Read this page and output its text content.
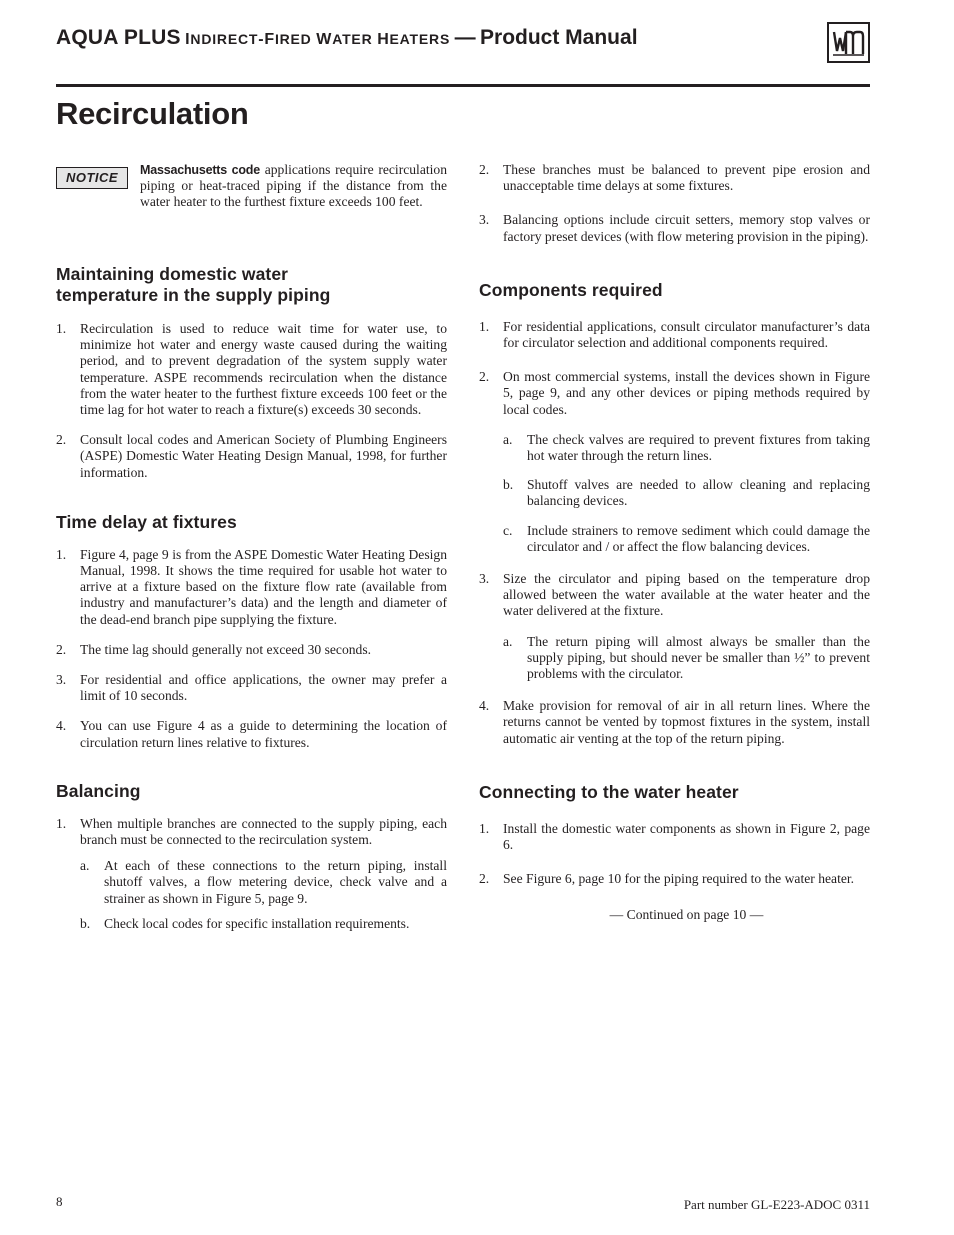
AQUA PLUS INDIRECT-FIRED WATER HEATERS — Product Manual
Recirculation
NOTICE	Massachusetts code applications require recirculation piping or heat-traced piping if the distance from the water heater to the furthest fixture exceeds 100 feet.
Maintaining domestic water
temperature in the supply piping
1.	Recirculation is used to reduce wait time for water use, to minimize hot water and energy waste caused during the waiting period, and to prevent degradation of the system supply water temperature. ASPE recommends recirculation when the distance from the water heater to the furthest fixture exceeds 100 feet or the time lag for hot water to reach a fixture(s) exceeds 30 seconds.
2.	Consult local codes and American Society of Plumbing Engineers (ASPE) Domestic Water Heating Design Manual, 1998, for further information.
Time delay at fixtures
1.	Figure 4, page 9 is from the ASPE Domestic Water Heating Design Manual, 1998. It shows the time required for usable hot water to arrive at a fixture based on the fixture flow rate (available from industry and manufacturer’s data) and the length and diameter of the dead-end branch pipe supplying the fixture.
2.	The time lag should generally not exceed 30 seconds.
3.	For residential and office applications, the owner may prefer a limit of 10 seconds.
4.	You can use Figure 4 as a guide to determining the location of circulation return lines relative to fixtures.
Balancing
1.	When multiple branches are connected to the supply piping, each branch must be connected to the recirculation system.
a.	At each of these connections to the return piping, install shutoff valves, a flow metering device, check valve and a strainer as shown in Figure 5, page 9.
b.	Check local codes for specific installation requirements.
2.	These branches must be balanced to prevent pipe erosion and unacceptable time delays at some fixtures.
3.	Balancing options include circuit setters, memory stop valves or factory preset devices (with flow metering provision in the piping).
Components required
1.	For residential applications, consult circulator manufacturer’s data for circulator selection and additional components required.
2.	On most commercial systems, install the devices shown in Figure 5, page 9, and any other devices or piping methods required by local codes.
a.	The check valves are required to prevent fixtures from taking hot water through the return lines.
b.	Shutoff valves are needed to allow cleaning and replacing balancing devices.
c.	Include strainers to remove sediment which could damage the circulator and / or affect the flow balancing devices.
3.	Size the circulator and piping based on the temperature drop allowed between the water available at the water heater and the water delivered at the fixture.
a.	The return piping will almost always be smaller than the supply piping, but should never be smaller than ½” to prevent problems with the circulator.
4.	Make provision for removal of air in all return lines. Where the returns cannot be vented by topmost fixtures in the system, install automatic air venting at the top of the return piping.
Connecting to the water heater
1.	Install the domestic water components as shown in Figure 2, page 6.
2.	See Figure 6, page 10 for the piping required to the water heater.
— Continued on page 10 —
8	Part number GL-E223-ADOC 0311
